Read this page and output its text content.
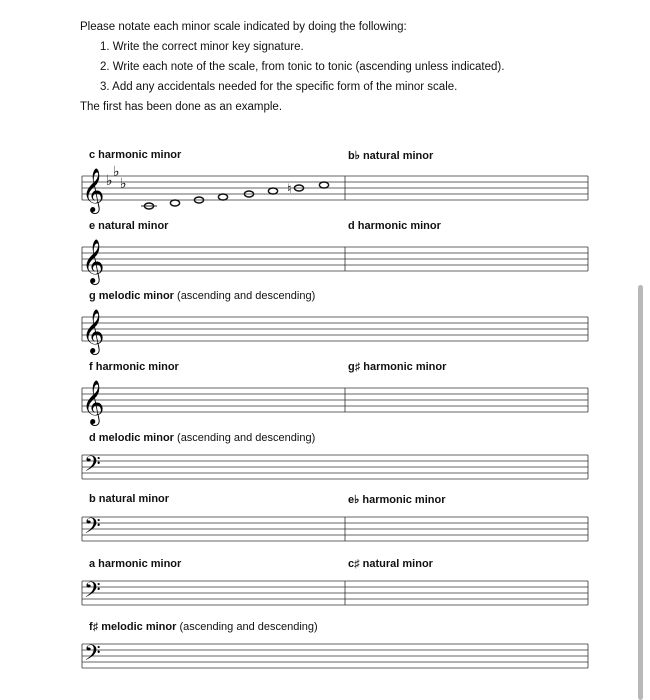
Please notate each minor scale indicated by doing the following:
1. Write the correct minor key signature.
2. Write each note of the scale, from tonic to tonic (ascending unless indicated).
3. Add any accidentals needed for the specific form of the minor scale.
The first has been done as an example.
c harmonic minor	b♭ natural minor
e natural minor	d harmonic minor
g melodic minor (ascending and descending)
f harmonic minor	g♯ harmonic minor
d melodic minor (ascending and descending)
b natural minor	e♭ harmonic minor
a harmonic minor	c♯ natural minor
f♯ melodic minor (ascending and descending)
𝄞 ♭
♭
♭	♮
𝄞
𝄞
𝄞
𝄢
𝄢
𝄢
𝄢
